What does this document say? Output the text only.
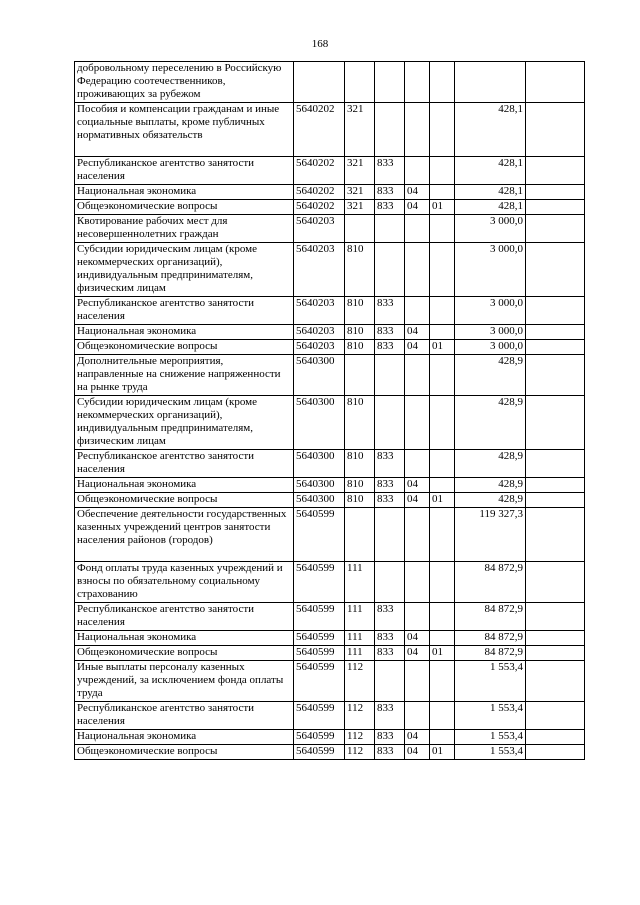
168
добровольному переселению в Российскую Федерацию соотечественников, проживающих за рубежом							
Пособия и компенсации гражданам и иные социальные выплаты, кроме публичных нормативных обязательств	5640202	321				428,1	
Республиканское агентство занятости населения	5640202	321	833			428,1	
Национальная экономика	5640202	321	833	04		428,1	
Общеэкономические вопросы	5640202	321	833	04	01	428,1	
Квотирование рабочих мест для несовершеннолетних граждан	5640203					3 000,0	
Субсидии юридическим лицам (кроме некоммерческих организаций), индивидуальным предпринимателям, физическим лицам	5640203	810				3 000,0	
Республиканское агентство занятости населения	5640203	810	833			3 000,0	
Национальная экономика	5640203	810	833	04		3 000,0	
Общеэкономические вопросы	5640203	810	833	04	01	3 000,0	
Дополнительные мероприятия, направленные на снижение напряженности на рынке труда	5640300					428,9	
Субсидии юридическим лицам (кроме некоммерческих организаций), индивидуальным предпринимателям, физическим лицам	5640300	810				428,9	
Республиканское агентство занятости населения	5640300	810	833			428,9	
Национальная экономика	5640300	810	833	04		428,9	
Общеэкономические вопросы	5640300	810	833	04	01	428,9	
Обеспечение деятельности государственных казенных учреждений центров занятости населения районов (городов)	5640599					119 327,3	
Фонд оплаты труда казенных учреждений и взносы по обязательному социальному страхованию	5640599	111				84 872,9	
Республиканское агентство занятости населения	5640599	111	833			84 872,9	
Национальная экономика	5640599	111	833	04		84 872,9	
Общеэкономические вопросы	5640599	111	833	04	01	84 872,9	
Иные выплаты персоналу казенных учреждений, за исключением фонда оплаты труда	5640599	112				1 553,4	
Республиканское агентство занятости населения	5640599	112	833			1 553,4	
Национальная экономика	5640599	112	833	04		1 553,4	
Общеэкономические вопросы	5640599	112	833	04	01	1 553,4	
